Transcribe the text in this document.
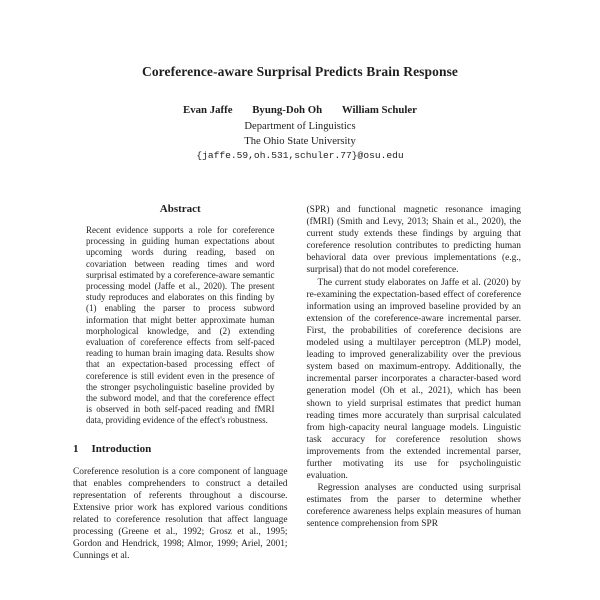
Coreference-aware Surprisal Predicts Brain Response
Evan Jaffe Byung-Doh Oh William Schuler
Department of Linguistics
The Ohio State University
{jaffe.59,oh.531,schuler.77}@osu.edu
Abstract

Recent evidence supports a role for coreference processing in guiding human expectations about upcoming words during reading, based on covariation between reading times and word surprisal estimated by a coreference-aware semantic processing model (Jaffe et al., 2020). The present study reproduces and elaborates on this finding by (1) enabling the parser to process subword information that might better approximate human morphological knowledge, and (2) extending evaluation of coreference effects from self-paced reading to human brain imaging data. Results show that an expectation-based processing effect of coreference is still evident even in the presence of the stronger psycholinguistic baseline provided by the subword model, and that the coreference effect is observed in both self-paced reading and fMRI data, providing evidence of the effect's robustness.

1 Introduction

Coreference resolution is a core component of language that enables comprehenders to construct a detailed representation of referents throughout a discourse. Extensive prior work has explored various conditions related to coreference resolution that affect language processing (Greene et al., 1992; Grosz et al., 1995; Gordon and Hendrick, 1998; Almor, 1999; Ariel, 2001; Cunnings et al.

(SPR) and functional magnetic resonance imaging (fMRI) (Smith and Levy, 2013; Shain et al., 2020), the current study extends these findings by arguing that coreference resolution contributes to predicting human behavioral data over previous implementations (e.g., surprisal) that do not model coreference.

The current study elaborates on Jaffe et al. (2020) by re-examining the expectation-based effect of coreference information using an improved baseline provided by an extension of the coreference-aware incremental parser. First, the probabilities of coreference decisions are modeled using a multilayer perceptron (MLP) model, leading to improved generalizability over the previous system based on maximum-entropy. Additionally, the incremental parser incorporates a character-based word generation model (Oh et al., 2021), which has been shown to yield surprisal estimates that predict human reading times more accurately than surprisal calculated from high-capacity neural language models. Linguistic task accuracy for coreference resolution shows improvements from the extended incremental parser, further motivating its use for psycholinguistic evaluation.

Regression analyses are conducted using surprisal estimates from the parser to determine whether coreference awareness helps explain measures of human sentence comprehension from SPR
